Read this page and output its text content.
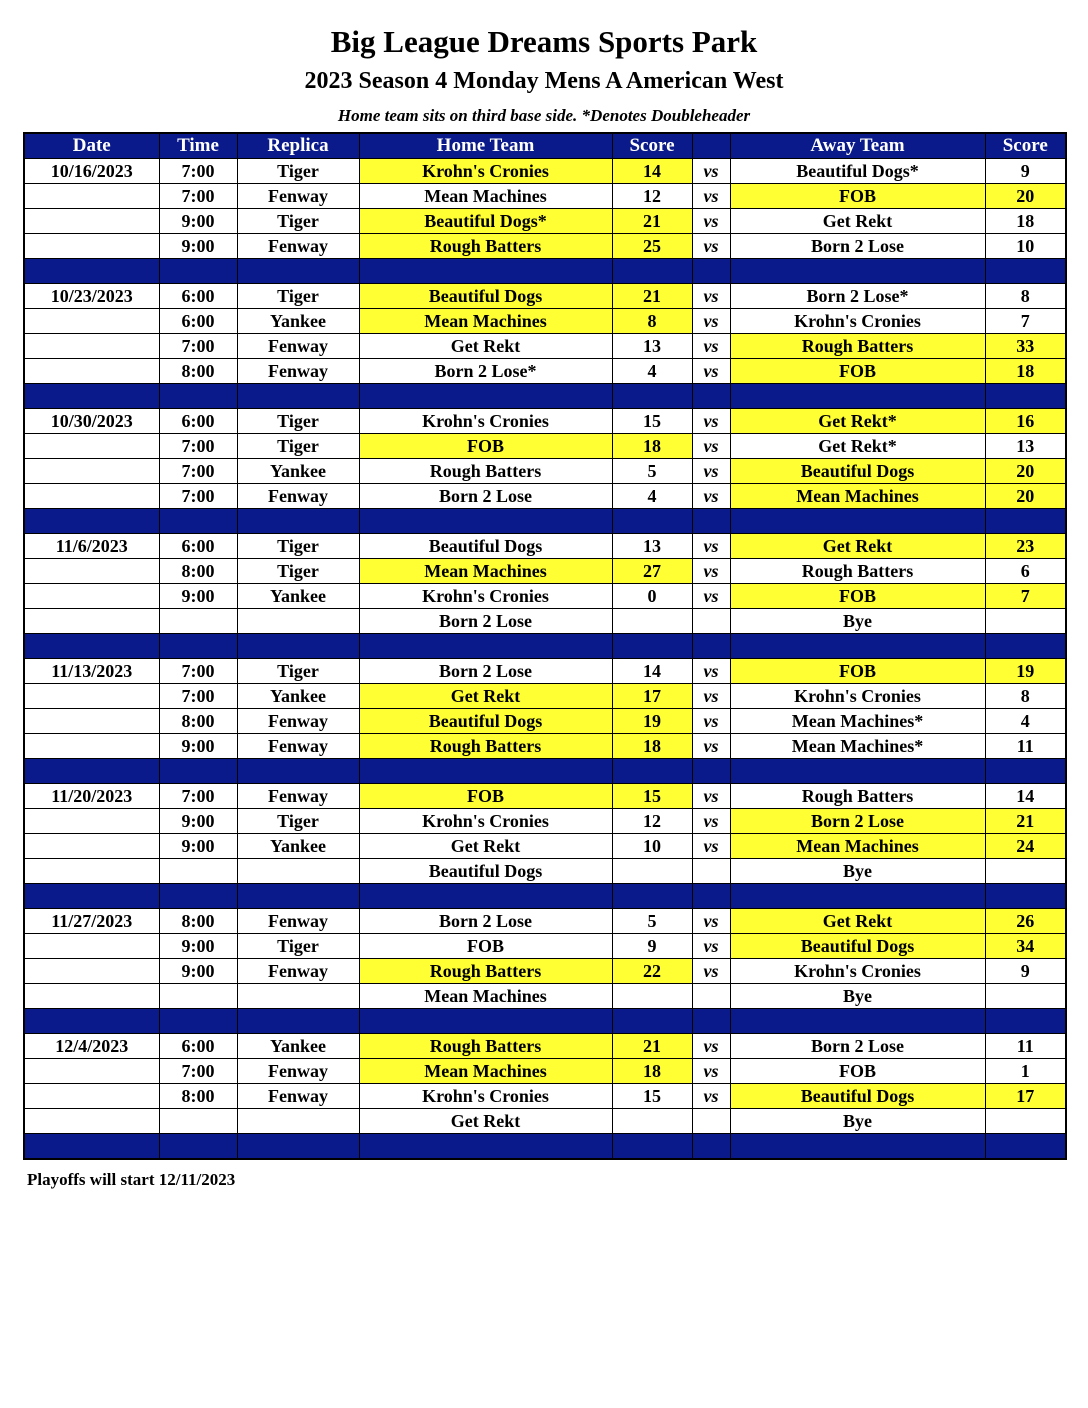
Big League Dreams Sports Park
2023 Season 4 Monday Mens A American West
Home team sits on third base side. *Denotes Doubleheader
Date	Time	Replica	Home Team	Score		Away Team	Score
10/16/2023	7:00	Tiger	Krohn's Cronies	14	vs	Beautiful Dogs*	9
	7:00	Fenway	Mean Machines	12	vs	FOB	20
	9:00	Tiger	Beautiful Dogs*	21	vs	Get Rekt	18
	9:00	Fenway	Rough Batters	25	vs	Born 2 Lose	10

10/23/2023	6:00	Tiger	Beautiful Dogs	21	vs	Born 2 Lose*	8
	6:00	Yankee	Mean Machines	8	vs	Krohn's Cronies	7
	7:00	Fenway	Get Rekt	13	vs	Rough Batters	33
	8:00	Fenway	Born 2 Lose*	4	vs	FOB	18

10/30/2023	6:00	Tiger	Krohn's Cronies	15	vs	Get Rekt*	16
	7:00	Tiger	FOB	18	vs	Get Rekt*	13
	7:00	Yankee	Rough Batters	5	vs	Beautiful Dogs	20
	7:00	Fenway	Born 2 Lose	4	vs	Mean Machines	20

11/6/2023	6:00	Tiger	Beautiful Dogs	13	vs	Get Rekt	23
	8:00	Tiger	Mean Machines	27	vs	Rough Batters	6
	9:00	Yankee	Krohn's Cronies	0	vs	FOB	7
			Born 2 Lose			Bye	

11/13/2023	7:00	Tiger	Born 2 Lose	14	vs	FOB	19
	7:00	Yankee	Get Rekt	17	vs	Krohn's Cronies	8
	8:00	Fenway	Beautiful Dogs	19	vs	Mean Machines*	4
	9:00	Fenway	Rough Batters	18	vs	Mean Machines*	11

11/20/2023	7:00	Fenway	FOB	15	vs	Rough Batters	14
	9:00	Tiger	Krohn's Cronies	12	vs	Born 2 Lose	21
	9:00	Yankee	Get Rekt	10	vs	Mean Machines	24
			Beautiful Dogs			Bye	

11/27/2023	8:00	Fenway	Born 2 Lose	5	vs	Get Rekt	26
	9:00	Tiger	FOB	9	vs	Beautiful Dogs	34
	9:00	Fenway	Rough Batters	22	vs	Krohn's Cronies	9
			Mean Machines			Bye	

12/4/2023	6:00	Yankee	Rough Batters	21	vs	Born 2 Lose	11
	7:00	Fenway	Mean Machines	18	vs	FOB	1
	8:00	Fenway	Krohn's Cronies	15	vs	Beautiful Dogs	17
			Get Rekt			Bye	

Playoffs will start 12/11/2023
